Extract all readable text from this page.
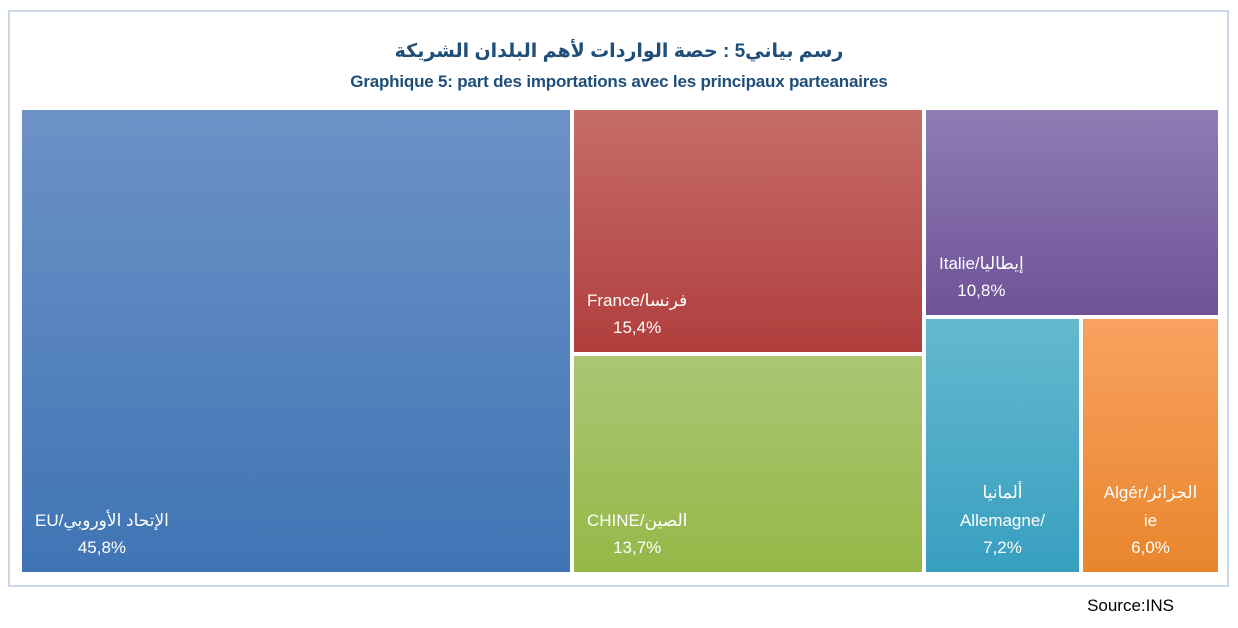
رسم بياني5 : حصة الواردات لأهم البلدان الشريكة
Graphique 5: part des importations avec les principaux parteanaires
EU/الإتحاد الأوروبي
45,8%
France/فرنسا
15,4%
CHINE/الصين
13,7%
Italie/إيطاليا
10,8%
ألمانيا
Allemagne/
7,2%
Algér/الجزائر
ie
6,0%
Source:INS
